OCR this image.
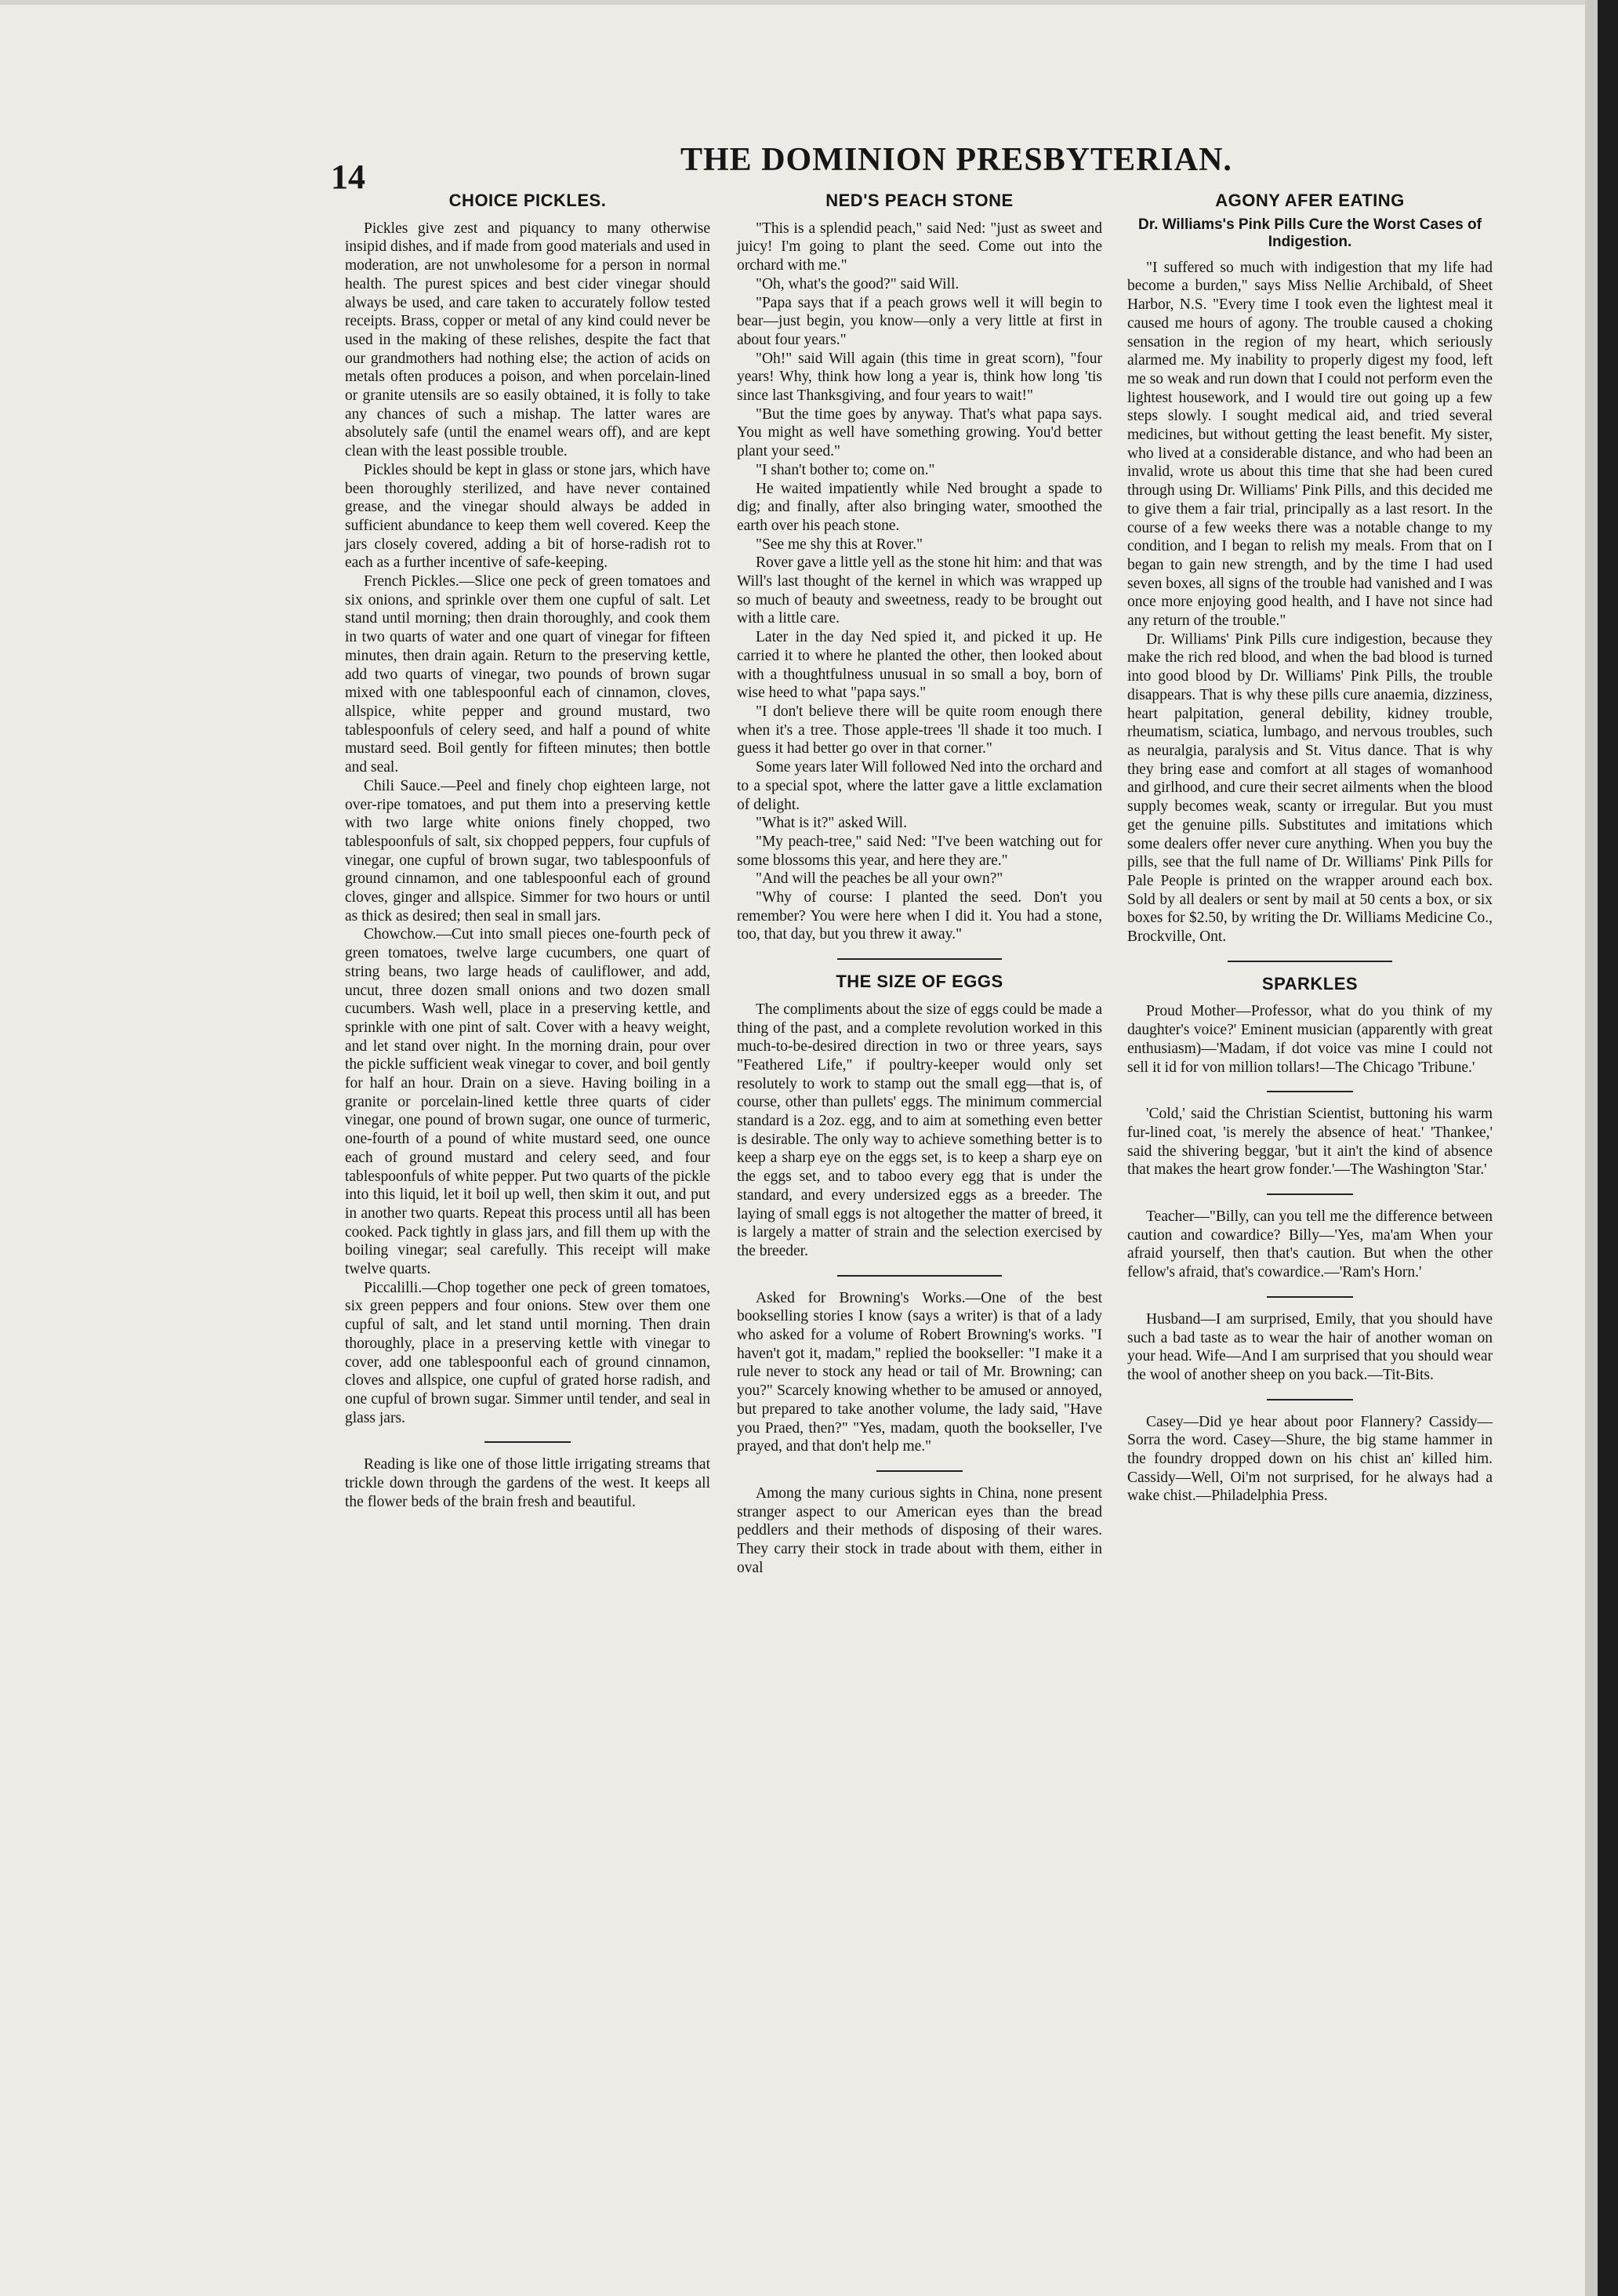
14	THE DOMINION PRESBYTERIAN.
CHOICE PICKLES.

Pickles give zest and piquancy to many otherwise insipid dishes, and if made from good materials and used in moderation, are not unwholesome for a person in normal health. The purest spices and best cider vinegar should always be used, and care taken to accurately follow tested receipts. Brass, copper or metal of any kind could never be used in the making of these relishes, despite the fact that our grandmothers had nothing else; the action of acids on metals often produces a poison, and when porcelain-lined or granite utensils are so easily obtained, it is folly to take any chances of such a mishap. The latter wares are absolutely safe (until the enamel wears off), and are kept clean with the least possible trouble.

Pickles should be kept in glass or stone jars, which have been thoroughly sterilized, and have never contained grease, and the vinegar should always be added in sufficient abundance to keep them well covered. Keep the jars closely covered, adding a bit of horse-radish rot to each as a further incentive of safe-keeping.

French Pickles.—Slice one peck of green tomatoes and six onions, and sprinkle over them one cupful of salt. Let stand until morning; then drain thoroughly, and cook them in two quarts of water and one quart of vinegar for fifteen minutes, then drain again. Return to the preserving kettle, add two quarts of vinegar, two pounds of brown sugar mixed with one tablespoonful each of cinnamon, cloves, allspice, white pepper and ground mustard, two tablespoonfuls of celery seed, and half a pound of white mustard seed. Boil gently for fifteen minutes; then bottle and seal.

Chili Sauce.—Peel and finely chop eighteen large, not over-ripe tomatoes, and put them into a preserving kettle with two large white onions finely chopped, two tablespoonfuls of salt, six chopped peppers, four cupfuls of vinegar, one cupful of brown sugar, two tablespoonfuls of ground cinnamon, and one tablespoonful each of ground cloves, ginger and allspice. Simmer for two hours or until as thick as desired; then seal in small jars.

Chowchow.—Cut into small pieces one-fourth peck of green tomatoes, twelve large cucumbers, one quart of string beans, two large heads of cauliflower, and add, uncut, three dozen small onions and two dozen small cucumbers. Wash well, place in a preserving kettle, and sprinkle with one pint of salt. Cover with a heavy weight, and let stand over night. In the morning drain, pour over the pickle sufficient weak vinegar to cover, and boil gently for half an hour. Drain on a sieve. Having boiling in a granite or porcelain-lined kettle three quarts of cider vinegar, one pound of brown sugar, one ounce of turmeric, one-fourth of a pound of white mustard seed, one ounce each of ground mustard and celery seed, and four tablespoonfuls of white pepper. Put two quarts of the pickle into this liquid, let it boil up well, then skim it out, and put in another two quarts. Repeat this process until all has been cooked. Pack tightly in glass jars, and fill them up with the boiling vinegar; seal carefully. This receipt will make twelve quarts.

Piccalilli.—Chop together one peck of green tomatoes, six green peppers and four onions. Stew over them one cupful of salt, and let stand until morning. Then drain thoroughly, place in a preserving kettle with vinegar to cover, add one tablespoonful each of ground cinnamon, cloves and allspice, one cupful of grated horse radish, and one cupful of brown sugar. Simmer until tender, and seal in glass jars.

Reading is like one of those little irrigating streams that trickle down through the gardens of the west. It keeps all the flower beds of the brain fresh and beautiful.

NED'S PEACH STONE

"This is a splendid peach," said Ned: "just as sweet and juicy! I'm going to plant the seed. Come out into the orchard with me."

"Oh, what's the good?" said Will.

"Papa says that if a peach grows well it will begin to bear—just begin, you know—only a very little at first in about four years."

"Oh!" said Will again (this time in great scorn), "four years! Why, think how long a year is, think how long 'tis since last Thanksgiving, and four years to wait!"

"But the time goes by anyway. That's what papa says. You might as well have something growing. You'd better plant your seed."

"I shan't bother to; come on."

He waited impatiently while Ned brought a spade to dig; and finally, after also bringing water, smoothed the earth over his peach stone.

"See me shy this at Rover."

Rover gave a little yell as the stone hit him: and that was Will's last thought of the kernel in which was wrapped up so much of beauty and sweetness, ready to be brought out with a little care.

Later in the day Ned spied it, and picked it up. He carried it to where he planted the other, then looked about with a thoughtfulness unusual in so small a boy, born of wise heed to what "papa says."

"I don't believe there will be quite room enough there when it's a tree. Those apple-trees 'll shade it too much. I guess it had better go over in that corner."

Some years later Will followed Ned into the orchard and to a special spot, where the latter gave a little exclamation of delight.

"What is it?" asked Will.

"My peach-tree," said Ned: "I've been watching out for some blossoms this year, and here they are."

"And will the peaches be all your own?"

"Why of course: I planted the seed. Don't you remember? You were here when I did it. You had a stone, too, that day, but you threw it away."

THE SIZE OF EGGS

The compliments about the size of eggs could be made a thing of the past, and a complete revolution worked in this much-to-be-desired direction in two or three years, says "Feathered Life," if poultry-keeper would only set resolutely to work to stamp out the small egg—that is, of course, other than pullets' eggs. The minimum commercial standard is a 2oz. egg, and to aim at something even better is desirable. The only way to achieve something better is to keep a sharp eye on the eggs set, is to keep a sharp eye on the eggs set, and to taboo every egg that is under the standard, and every undersized eggs as a breeder. The laying of small eggs is not altogether the matter of breed, it is largely a matter of strain and the selection exercised by the breeder.

Asked for Browning's Works.—One of the best bookselling stories I know (says a writer) is that of a lady who asked for a volume of Robert Browning's works. "I haven't got it, madam," replied the bookseller: "I make it a rule never to stock any head or tail of Mr. Browning; can you?" Scarcely knowing whether to be amused or annoyed, but prepared to take another volume, the lady said, "Have you Praed, then?" "Yes, madam, quoth the bookseller, I've prayed, and that don't help me."

Among the many curious sights in China, none present stranger aspect to our American eyes than the bread peddlers and their methods of disposing of their wares. They carry their stock in trade about with them, either in oval

AGONY AFER EATING
Dr. Williams's Pink Pills Cure the Worst Cases of Indigestion.

"I suffered so much with indigestion that my life had become a burden," says Miss Nellie Archibald, of Sheet Harbor, N.S. "Every time I took even the lightest meal it caused me hours of agony. The trouble caused a choking sensation in the region of my heart, which seriously alarmed me. My inability to properly digest my food, left me so weak and run down that I could not perform even the lightest housework, and I would tire out going up a few steps slowly. I sought medical aid, and tried several medicines, but without getting the least benefit. My sister, who lived at a considerable distance, and who had been an invalid, wrote us about this time that she had been cured through using Dr. Williams' Pink Pills, and this decided me to give them a fair trial, principally as a last resort. In the course of a few weeks there was a notable change to my condition, and I began to relish my meals. From that on I began to gain new strength, and by the time I had used seven boxes, all signs of the trouble had vanished and I was once more enjoying good health, and I have not since had any return of the trouble."

Dr. Williams' Pink Pills cure indigestion, because they make the rich red blood, and when the bad blood is turned into good blood by Dr. Williams' Pink Pills, the trouble disappears. That is why these pills cure anaemia, dizziness, heart palpitation, general debility, kidney trouble, rheumatism, sciatica, lumbago, and nervous troubles, such as neuralgia, paralysis and St. Vitus dance. That is why they bring ease and comfort at all stages of womanhood and girlhood, and cure their secret ailments when the blood supply becomes weak, scanty or irregular. But you must get the genuine pills. Substitutes and imitations which some dealers offer never cure anything. When you buy the pills, see that the full name of Dr. Williams' Pink Pills for Pale People is printed on the wrapper around each box. Sold by all dealers or sent by mail at 50 cents a box, or six boxes for $2.50, by writing the Dr. Williams Medicine Co., Brockville, Ont.

SPARKLES

Proud Mother—Professor, what do you think of my daughter's voice?' Eminent musician (apparently with great enthusiasm)—'Madam, if dot voice vas mine I could not sell it id for von million tollars!—The Chicago 'Tribune.'

'Cold,' said the Christian Scientist, buttoning his warm fur-lined coat, 'is merely the absence of heat.' 'Thankee,' said the shivering beggar, 'but it ain't the kind of absence that makes the heart grow fonder.'—The Washington 'Star.'

Teacher—"Billy, can you tell me the difference between caution and cowardice? Billy—'Yes, ma'am When your afraid yourself, then that's caution. But when the other fellow's afraid, that's cowardice.—'Ram's Horn.'

Husband—I am surprised, Emily, that you should have such a bad taste as to wear the hair of another woman on your head. Wife—And I am surprised that you should wear the wool of another sheep on you back.—Tit-Bits.

Casey—Did ye hear about poor Flannery? Cassidy—Sorra the word. Casey—Shure, the big stame hammer in the foundry dropped down on his chist an' killed him. Cassidy—Well, Oi'm not surprised, for he always had a wake chist.—Philadelphia Press.
